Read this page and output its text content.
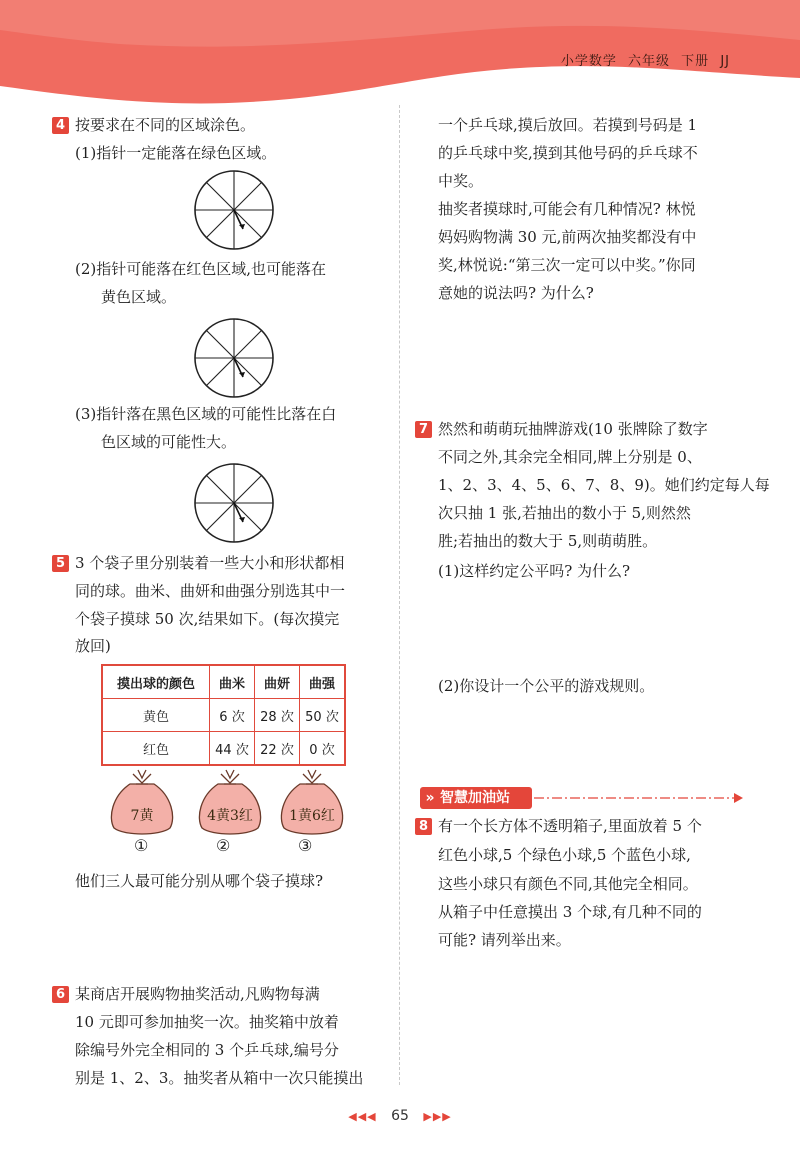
小学数学 六年级 下册 JJ
4 按要求在不同的区域涂色。
(1)指针一定能落在绿色区域。
(2)指针可能落在红色区域,也可能落在
黄色区域。
(3)指针落在黑色区域的可能性比落在白
色区域的可能性大。
5 3 个袋子里分别装着一些大小和形状都相
同的球。曲米、曲妍和曲强分别选其中一
个袋子摸球 50 次,结果如下。(每次摸完
放回)
摸出球的颜色	曲米	曲妍	曲强
黄色	6 次	28 次	50 次
红色	44 次	22 次	0 次
7黄	4黄3红	1黄6红
①	②	③
他们三人最可能分别从哪个袋子摸球?
6 某商店开展购物抽奖活动,凡购物每满
10 元即可参加抽奖一次。抽奖箱中放着
除编号外完全相同的 3 个乒乓球,编号分
别是 1、2、3。抽奖者从箱中一次只能摸出
一个乒乓球,摸后放回。若摸到号码是 1
的乒乓球中奖,摸到其他号码的乒乓球不
中奖。
抽奖者摸球时,可能会有几种情况? 林悦
妈妈购物满 30 元,前两次抽奖都没有中
奖,林悦说:“第三次一定可以中奖。”你同
意她的说法吗? 为什么?
7 然然和萌萌玩抽牌游戏(10 张牌除了数字
不同之外,其余完全相同,牌上分别是 0、
1、2、3、4、5、6、7、8、9)。她们约定每人每
次只抽 1 张,若抽出的数小于 5,则然然
胜;若抽出的数大于 5,则萌萌胜。
(1)这样约定公平吗? 为什么?
(2)你设计一个公平的游戏规则。
» 智慧加油站
8 有一个长方体不透明箱子,里面放着 5 个
红色小球,5 个绿色小球,5 个蓝色小球,
这些小球只有颜色不同,其他完全相同。
从箱子中任意摸出 3 个球,有几种不同的
可能? 请列举出来。
◀◀◀ 65 ▶▶▶
